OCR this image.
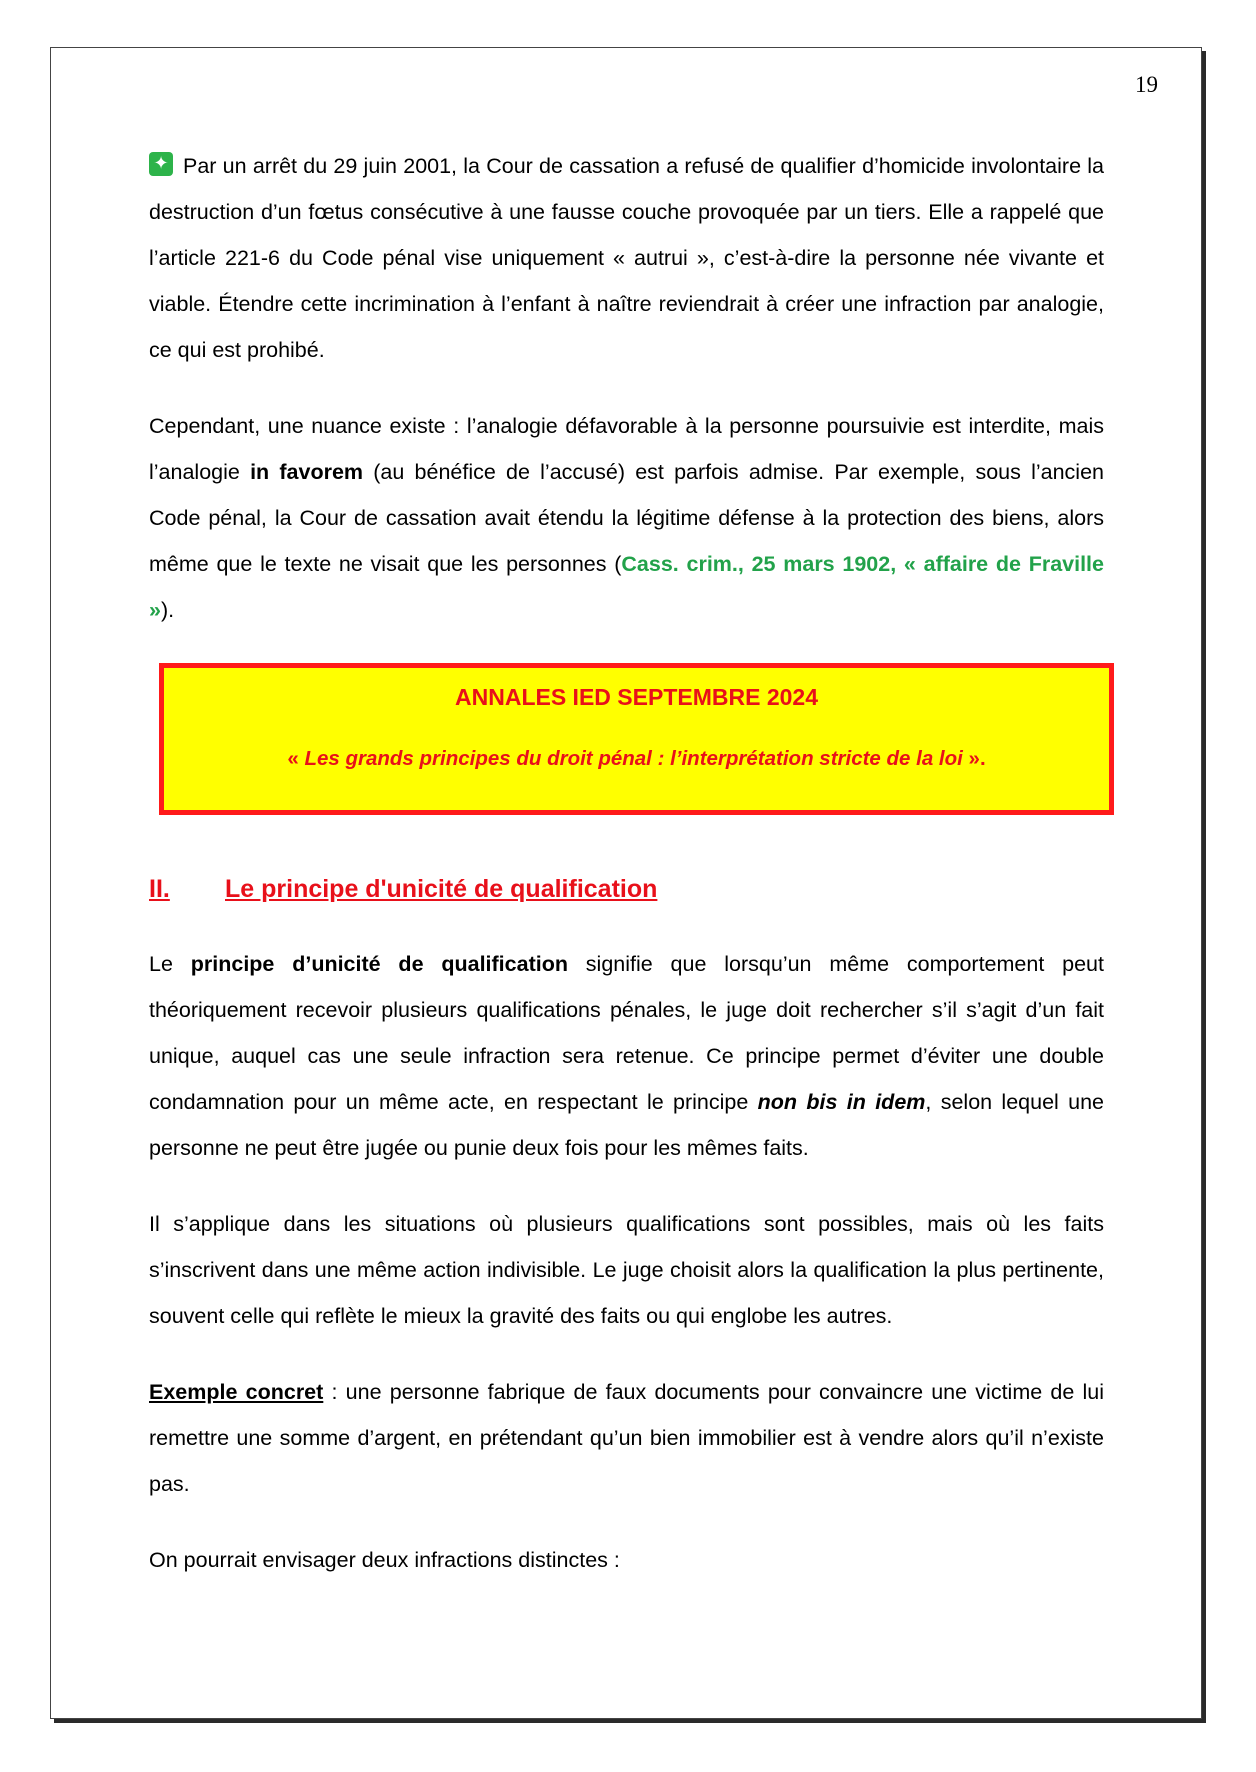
19

✦Par un arrêt du 29 juin 2001, la Cour de cassation a refusé de qualifier d’homicide involontaire la destruction d’un fœtus consécutive à une fausse couche provoquée par un tiers. Elle a rappelé que l’article 221-6 du Code pénal vise uniquement « autrui », c’est-à-dire la personne née vivante et viable. Étendre cette incrimination à l’enfant à naître reviendrait à créer une infraction par analogie, ce qui est prohibé.

Cependant, une nuance existe : l’analogie défavorable à la personne poursuivie est interdite, mais l’analogie in favorem (au bénéfice de l’accusé) est parfois admise. Par exemple, sous l’ancien Code pénal, la Cour de cassation avait étendu la légitime défense à la protection des biens, alors même que le texte ne visait que les personnes (Cass. crim., 25 mars 1902, « affaire de Fraville »).

ANNALES IED SEPTEMBRE 2024
« Les grands principes du droit pénal : l’interprétation stricte de la loi ».
II.	Le principe d'unicité de qualification

Le principe d’unicité de qualification signifie que lorsqu’un même comportement peut théoriquement recevoir plusieurs qualifications pénales, le juge doit rechercher s’il s’agit d’un fait unique, auquel cas une seule infraction sera retenue. Ce principe permet d’éviter une double condamnation pour un même acte, en respectant le principe non bis in idem, selon lequel une personne ne peut être jugée ou punie deux fois pour les mêmes faits.

Il s’applique dans les situations où plusieurs qualifications sont possibles, mais où les faits s’inscrivent dans une même action indivisible. Le juge choisit alors la qualification la plus pertinente, souvent celle qui reflète le mieux la gravité des faits ou qui englobe les autres.

Exemple concret : une personne fabrique de faux documents pour convaincre une victime de lui remettre une somme d’argent, en prétendant qu’un bien immobilier est à vendre alors qu’il n’existe pas.

On pourrait envisager deux infractions distinctes :
